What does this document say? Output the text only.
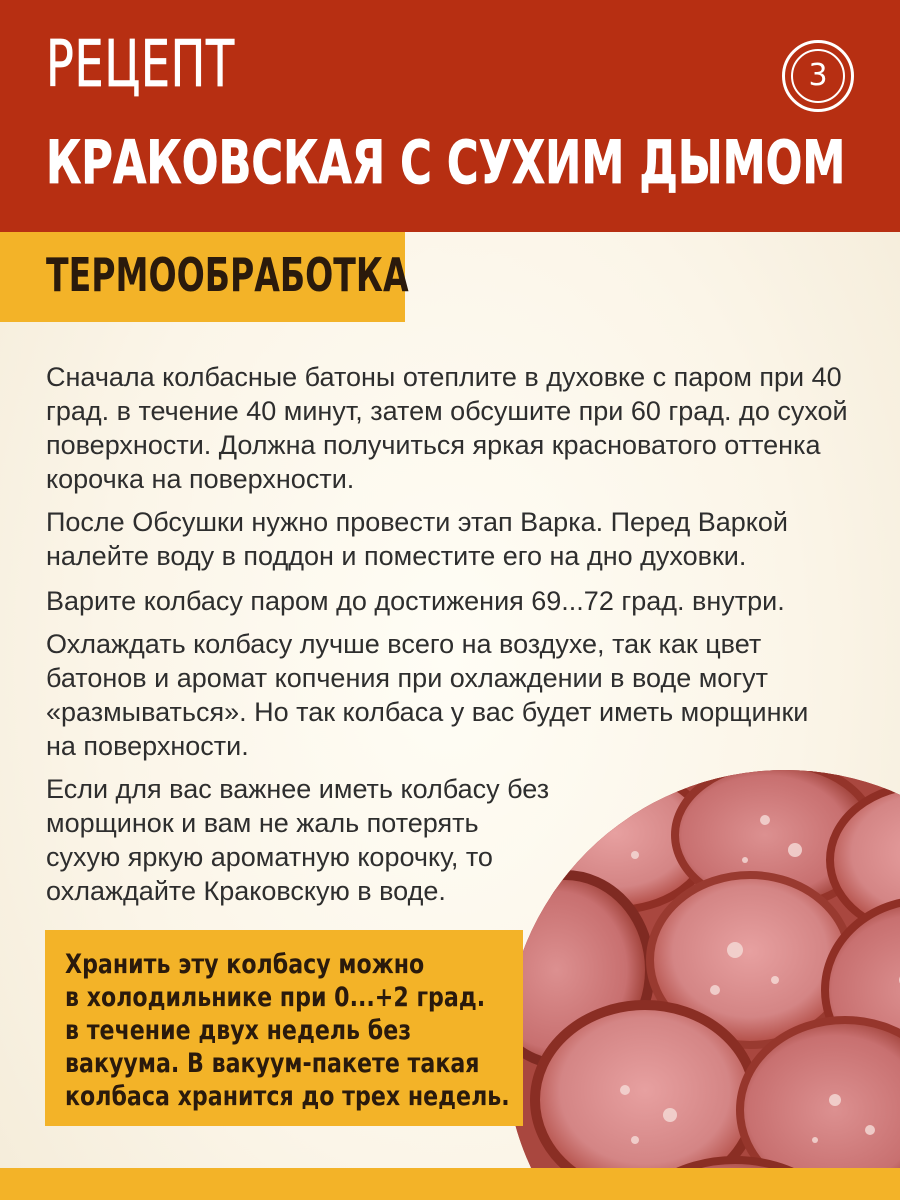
РЕЦЕПТ
КРАКОВСКАЯ С СУХИМ ДЫМОМ
3
ТЕРМООБРАБОТКА
Сначала колбасные батоны отеплите в духовке с паром при 40
град. в течение 40 минут, затем обсушите при 60 град. до сухой
поверхности. Должна получиться яркая красноватого оттенка
корочка на поверхности.
После Обсушки нужно провести этап Варка. Перед Варкой
налейте воду в поддон и поместите его на дно духовки.
Варите колбасу паром до достижения 69...72 град. внутри.
Охлаждать колбасу лучше всего на воздухе, так как цвет
батонов и аромат копчения при охлаждении в воде могут
«размываться». Но так колбаса у вас будет иметь морщинки
на поверхности.
Если для вас важнее иметь колбасу без
морщинок и вам не жаль потерять
сухую яркую ароматную корочку, то
охлаждайте Краковскую в воде.
Хранить эту колбасу можно
в холодильнике при 0...+2 град.
в течение двух недель без
вакуума. В вакуум-пакете такая
колбаса хранится до трех недель.
